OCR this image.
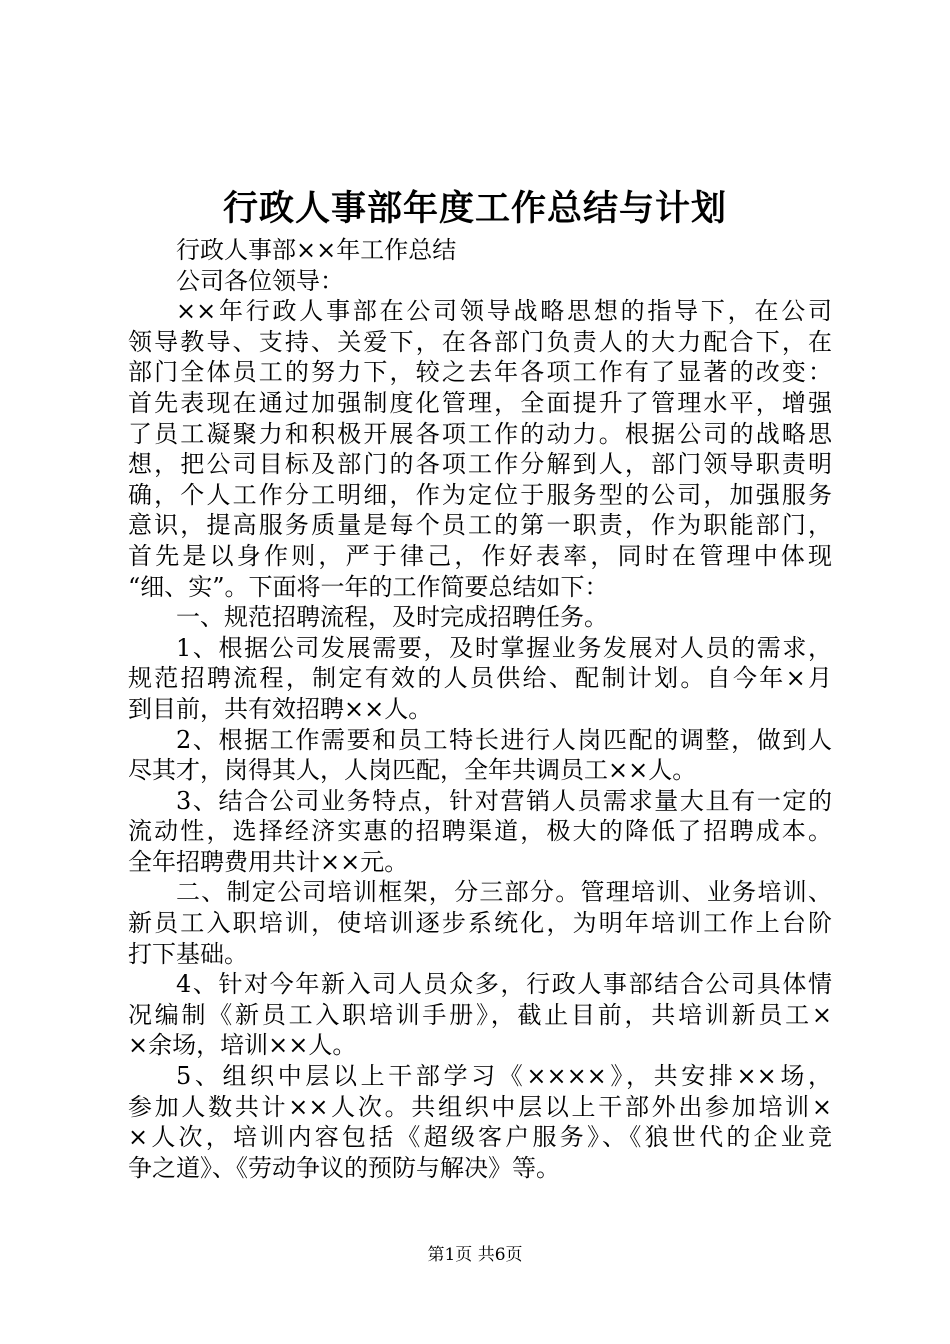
行政人事部年度工作总结与计划
行政人事部××年工作总结
公司各位领导：
××年行政人事部在公司领导战略思想的指导下，在公司
领导教导、支持、关爱下，在各部门负责人的大力配合下，在
部门全体员工的努力下，较之去年各项工作有了显著的改变：
首先表现在通过加强制度化管理，全面提升了管理水平，增强
了员工凝聚力和积极开展各项工作的动力。根据公司的战略思
想，把公司目标及部门的各项工作分解到人，部门领导职责明
确，个人工作分工明细，作为定位于服务型的公司，加强服务
意识，提高服务质量是每个员工的第一职责，作为职能部门，
首先是以身作则，严于律己，作好表率，同时在管理中体现
“细、实”。下面将一年的工作简要总结如下：
一、规范招聘流程，及时完成招聘任务。
1、根据公司发展需要，及时掌握业务发展对人员的需求，
规范招聘流程，制定有效的人员供给、配制计划。自今年×月
到目前，共有效招聘××人。
2、根据工作需要和员工特长进行人岗匹配的调整，做到人
尽其才，岗得其人，人岗匹配，全年共调员工××人。
3、结合公司业务特点，针对营销人员需求量大且有一定的
流动性，选择经济实惠的招聘渠道，极大的降低了招聘成本。
全年招聘费用共计××元。
二、制定公司培训框架，分三部分。管理培训、业务培训、
新员工入职培训，使培训逐步系统化，为明年培训工作上台阶
打下基础。
4、针对今年新入司人员众多，行政人事部结合公司具体情
况编制《新员工入职培训手册》，截止目前，共培训新员工×
×余场，培训××人。
5、组织中层以上干部学习《××××》，共安排××场，
参加人数共计××人次。共组织中层以上干部外出参加培训×
×人次，培训内容包括《超级客户服务》、《狼世代的企业竞
争之道》、《劳动争议的预防与解决》等。
第1页 共6页
